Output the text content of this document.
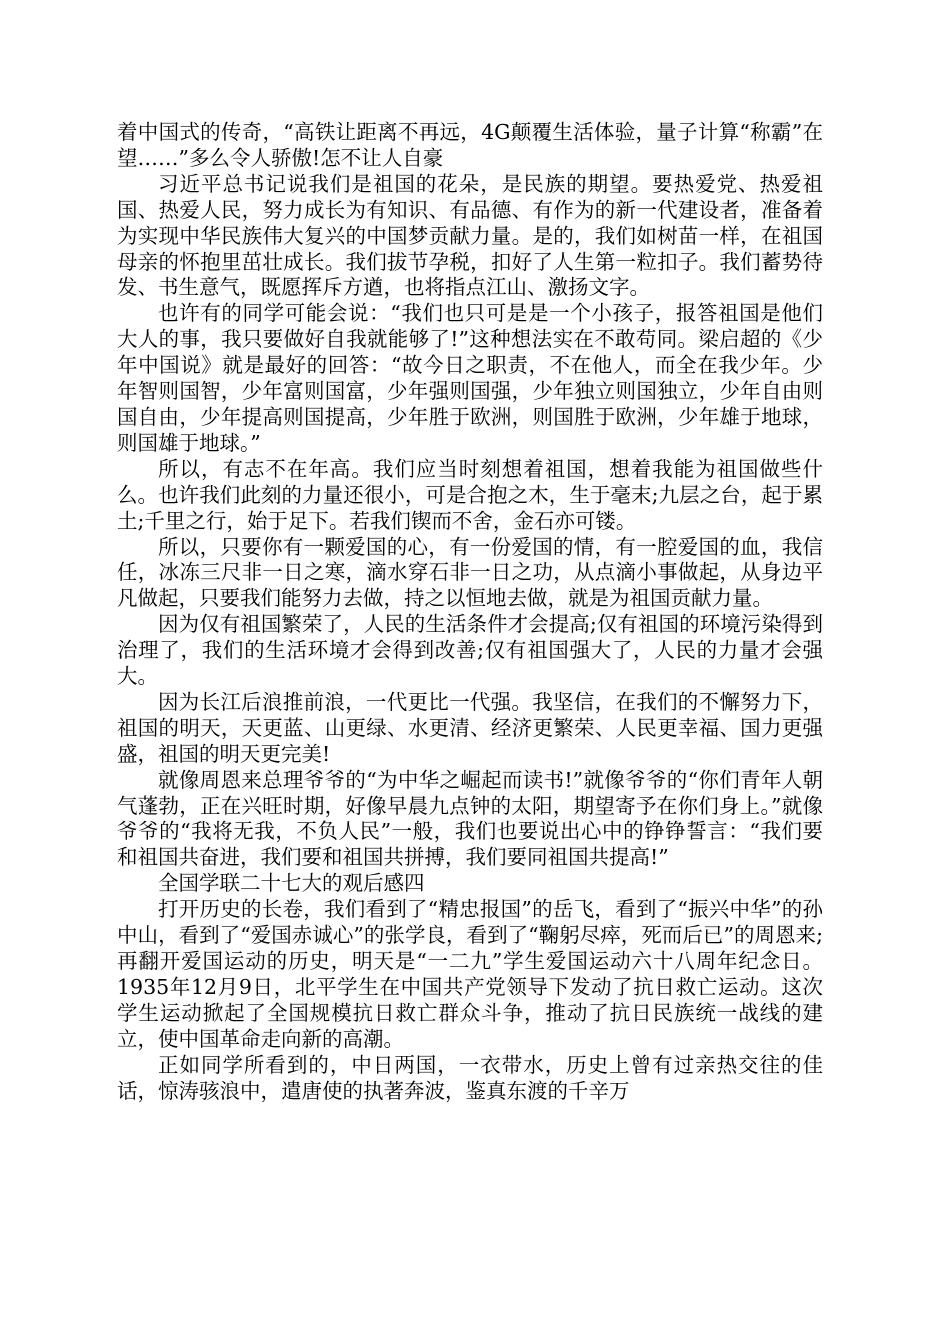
着中国式的传奇，“高铁让距离不再远，4G颠覆生活体验，量子计算“称霸”在望……”多么令人骄傲!怎不让人自豪

习近平总书记说我们是祖国的花朵，是民族的期望。要热爱党、热爱祖国、热爱人民，努力成长为有知识、有品德、有作为的新一代建设者，准备着为实现中华民族伟大复兴的中国梦贡献力量。是的，我们如树苗一样，在祖国母亲的怀抱里茁壮成长。我们拔节孕税，扣好了人生第一粒扣子。我们蓄势待发、书生意气，既愿挥斥方遒，也将指点江山、激扬文字。

也许有的同学可能会说：“我们也只可是是一个小孩子，报答祖国是他们大人的事，我只要做好自我就能够了!”这种想法实在不敢苟同。梁启超的《少年中国说》就是最好的回答：“故今日之职责，不在他人，而全在我少年。少年智则国智，少年富则国富，少年强则国强，少年独立则国独立，少年自由则国自由，少年提高则国提高，少年胜于欧洲，则国胜于欧洲，少年雄于地球，则国雄于地球。”

所以，有志不在年高。我们应当时刻想着祖国，想着我能为祖国做些什么。也许我们此刻的力量还很小，可是合抱之木，生于毫末;九层之台，起于累土;千里之行，始于足下。若我们锲而不舍，金石亦可镂。

所以，只要你有一颗爱国的心，有一份爱国的情，有一腔爱国的血，我信任，冰冻三尺非一日之寒，滴水穿石非一日之功，从点滴小事做起，从身边平凡做起，只要我们能努力去做，持之以恒地去做，就是为祖国贡献力量。

因为仅有祖国繁荣了，人民的生活条件才会提高;仅有祖国的环境污染得到治理了，我们的生活环境才会得到改善;仅有祖国强大了，人民的力量才会强大。

因为长江后浪推前浪，一代更比一代强。我坚信，在我们的不懈努力下，祖国的明天，天更蓝、山更绿、水更清、经济更繁荣、人民更幸福、国力更强盛，祖国的明天更完美!

就像周恩来总理爷爷的“为中华之崛起而读书!”就像爷爷的“你们青年人朝气蓬勃，正在兴旺时期，好像早晨九点钟的太阳，期望寄予在你们身上。”就像爷爷的“我将无我，不负人民”一般，我们也要说出心中的铮铮誓言：“我们要和祖国共奋进，我们要和祖国共拼搏，我们要同祖国共提高!”

全国学联二十七大的观后感四

打开历史的长卷，我们看到了“精忠报国”的岳飞，看到了“振兴中华”的孙中山，看到了“爱国赤诚心”的张学良，看到了“鞠躬尽瘁，死而后已”的周恩来;再翻开爱国运动的历史，明天是“一二九”学生爱国运动六十八周年纪念日。1935年12月9日，北平学生在中国共产党领导下发动了抗日救亡运动。这次学生运动掀起了全国规模抗日救亡群众斗争，推动了抗日民族统一战线的建立，使中国革命走向新的高潮。

正如同学所看到的，中日两国，一衣带水，历史上曾有过亲热交往的佳话，惊涛骇浪中，遣唐使的执著奔波，鉴真东渡的千辛万
